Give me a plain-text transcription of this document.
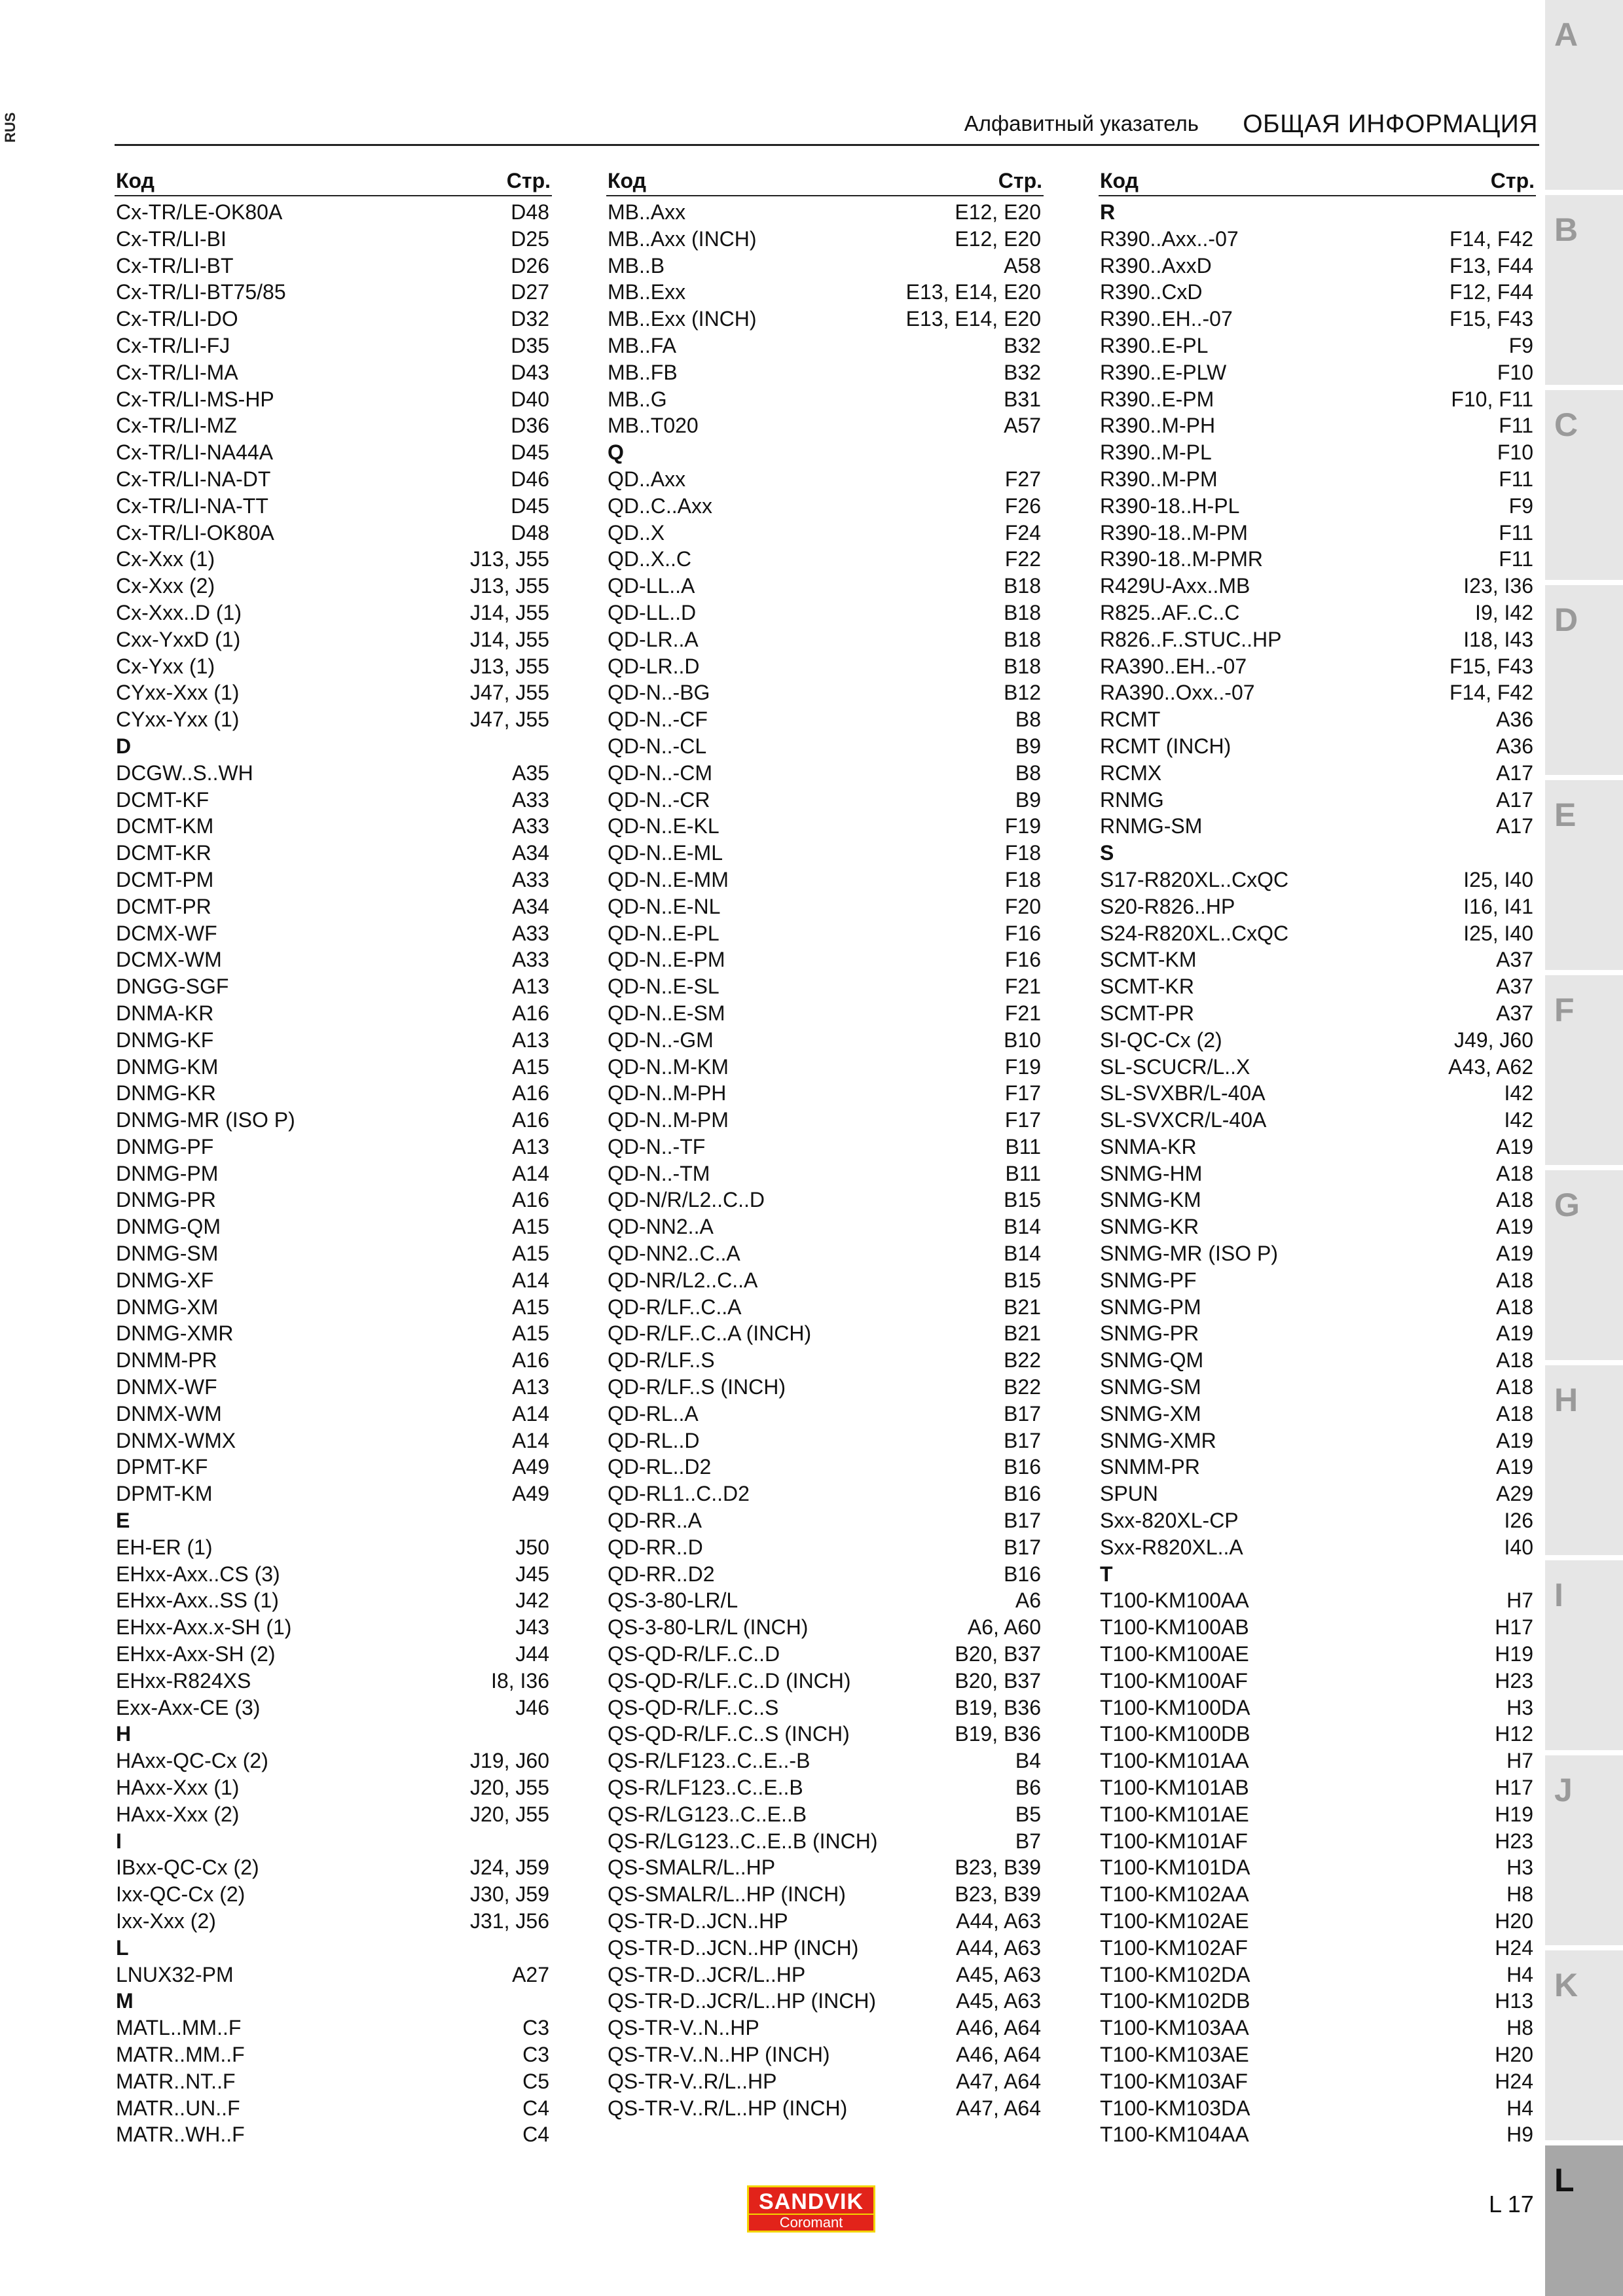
RUS	Алфавитный указатель ОБЩАЯ ИНФОРМАЦИЯ
Код	Стр.
Cx-TR/LE-OK80A	D48
Cx-TR/LI-BI	D25
Cx-TR/LI-BT	D26
Cx-TR/LI-BT75/85	D27
Cx-TR/LI-DO	D32
Cx-TR/LI-FJ	D35
Cx-TR/LI-MA	D43
Cx-TR/LI-MS-HP	D40
Cx-TR/LI-MZ	D36
Cx-TR/LI-NA44A	D45
Cx-TR/LI-NA-DT	D46
Cx-TR/LI-NA-TT	D45
Cx-TR/LI-OK80A	D48
Cx-Xxx (1)	J13, J55
Cx-Xxx (2)	J13, J55
Cx-Xxx..D (1)	J14, J55
Cxx-YxxD (1)	J14, J55
Cx-Yxx (1)	J13, J55
CYxx-Xxx (1)	J47, J55
CYxx-Yxx (1)	J47, J55
D
DCGW..S..WH	A35
DCMT-KF	A33
DCMT-KM	A33
DCMT-KR	A34
DCMT-PM	A33
DCMT-PR	A34
DCMX-WF	A33
DCMX-WM	A33
DNGG-SGF	A13
DNMA-KR	A16
DNMG-KF	A13
DNMG-KM	A15
DNMG-KR	A16
DNMG-MR (ISO P)	A16
DNMG-PF	A13
DNMG-PM	A14
DNMG-PR	A16
DNMG-QM	A15
DNMG-SM	A15
DNMG-XF	A14
DNMG-XM	A15
DNMG-XMR	A15
DNMM-PR	A16
DNMX-WF	A13
DNMX-WM	A14
DNMX-WMX	A14
DPMT-KF	A49
DPMT-KM	A49
E
EH-ER (1)	J50
EHxx-Axx..CS (3)	J45
EHxx-Axx..SS (1)	J42
EHxx-Axx.x-SH (1)	J43
EHxx-Axx-SH (2)	J44
EHxx-R824XS	I8, I36
Exx-Axx-CE (3)	J46
H
HAxx-QC-Cx (2)	J19, J60
HAxx-Xxx (1)	J20, J55
HAxx-Xxx (2)	J20, J55
I
IBxx-QC-Cx (2)	J24, J59
Ixx-QC-Cx (2)	J30, J59
Ixx-Xxx (2)	J31, J56
L
LNUX32-PM	A27
M
MATL..MM..F	C3
MATR..MM..F	C3
MATR..NT..F	C5
MATR..UN..F	C4
MATR..WH..F	C4
Код	Стр.
MB..Axx	E12, E20
MB..Axx (INCH)	E12, E20
MB..B	A58
MB..Exx	E13, E14, E20
MB..Exx (INCH)	E13, E14, E20
MB..FA	B32
MB..FB	B32
MB..G	B31
MB..T020	A57
Q
QD..Axx	F27
QD..C..Axx	F26
QD..X	F24
QD..X..C	F22
QD-LL..A	B18
QD-LL..D	B18
QD-LR..A	B18
QD-LR..D	B18
QD-N..-BG	B12
QD-N..-CF	B8
QD-N..-CL	B9
QD-N..-CM	B8
QD-N..-CR	B9
QD-N..E-KL	F19
QD-N..E-ML	F18
QD-N..E-MM	F18
QD-N..E-NL	F20
QD-N..E-PL	F16
QD-N..E-PM	F16
QD-N..E-SL	F21
QD-N..E-SM	F21
QD-N..-GM	B10
QD-N..M-KM	F19
QD-N..M-PH	F17
QD-N..M-PM	F17
QD-N..-TF	B11
QD-N..-TM	B11
QD-N/R/L2..C..D	B15
QD-NN2..A	B14
QD-NN2..C..A	B14
QD-NR/L2..C..A	B15
QD-R/LF..C..A	B21
QD-R/LF..C..A (INCH)	B21
QD-R/LF..S	B22
QD-R/LF..S (INCH)	B22
QD-RL..A	B17
QD-RL..D	B17
QD-RL..D2	B16
QD-RL1..C..D2	B16
QD-RR..A	B17
QD-RR..D	B17
QD-RR..D2	B16
QS-3-80-LR/L	A6
QS-3-80-LR/L (INCH)	A6, A60
QS-QD-R/LF..C..D	B20, B37
QS-QD-R/LF..C..D (INCH)	B20, B37
QS-QD-R/LF..C..S	B19, B36
QS-QD-R/LF..C..S (INCH)	B19, B36
QS-R/LF123..C..E..-B	B4
QS-R/LF123..C..E..B	B6
QS-R/LG123..C..E..B	B5
QS-R/LG123..C..E..B (INCH)	B7
QS-SMALR/L..HP	B23, B39
QS-SMALR/L..HP (INCH)	B23, B39
QS-TR-D..JCN..HP	A44, A63
QS-TR-D..JCN..HP (INCH)	A44, A63
QS-TR-D..JCR/L..HP	A45, A63
QS-TR-D..JCR/L..HP (INCH)	A45, A63
QS-TR-V..N..HP	A46, A64
QS-TR-V..N..HP (INCH)	A46, A64
QS-TR-V..R/L..HP	A47, A64
QS-TR-V..R/L..HP (INCH)	A47, A64
Код	Стр.
R
R390..Axx..-07	F14, F42
R390..AxxD	F13, F44
R390..CxD	F12, F44
R390..EH..-07	F15, F43
R390..E-PL	F9
R390..E-PLW	F10
R390..E-PM	F10, F11
R390..M-PH	F11
R390..M-PL	F10
R390..M-PM	F11
R390-18..H-PL	F9
R390-18..M-PM	F11
R390-18..M-PMR	F11
R429U-Axx..MB	I23, I36
R825..AF..C..C	I9, I42
R826..F..STUC..HP	I18, I43
RA390..EH..-07	F15, F43
RA390..Oxx..-07	F14, F42
RCMT	A36
RCMT (INCH)	A36
RCMX	A17
RNMG	A17
RNMG-SM	A17
S
S17-R820XL..CxQC	I25, I40
S20-R826..HP	I16, I41
S24-R820XL..CxQC	I25, I40
SCMT-KM	A37
SCMT-KR	A37
SCMT-PR	A37
SI-QC-Cx (2)	J49, J60
SL-SCUCR/L..X	A43, A62
SL-SVXBR/L-40A	I42
SL-SVXCR/L-40A	I42
SNMA-KR	A19
SNMG-HM	A18
SNMG-KM	A18
SNMG-KR	A19
SNMG-MR (ISO P)	A19
SNMG-PF	A18
SNMG-PM	A18
SNMG-PR	A19
SNMG-QM	A18
SNMG-SM	A18
SNMG-XM	A18
SNMG-XMR	A19
SNMM-PR	A19
SPUN	A29
Sxx-820XL-CP	I26
Sxx-R820XL..A	I40
T
T100-KM100AA	H7
T100-KM100AB	H17
T100-KM100AE	H19
T100-KM100AF	H23
T100-KM100DA	H3
T100-KM100DB	H12
T100-KM101AA	H7
T100-KM101AB	H17
T100-KM101AE	H19
T100-KM101AF	H23
T100-KM101DA	H3
T100-KM102AA	H8
T100-KM102AE	H20
T100-KM102AF	H24
T100-KM102DA	H4
T100-KM102DB	H13
T100-KM103AA	H8
T100-KM103AE	H20
T100-KM103AF	H24
T100-KM103DA	H4
T100-KM104AA	H9
A
B
C
D
E
F
G
H
I
J
K
L
SANDVIK
Coromant
L 17
